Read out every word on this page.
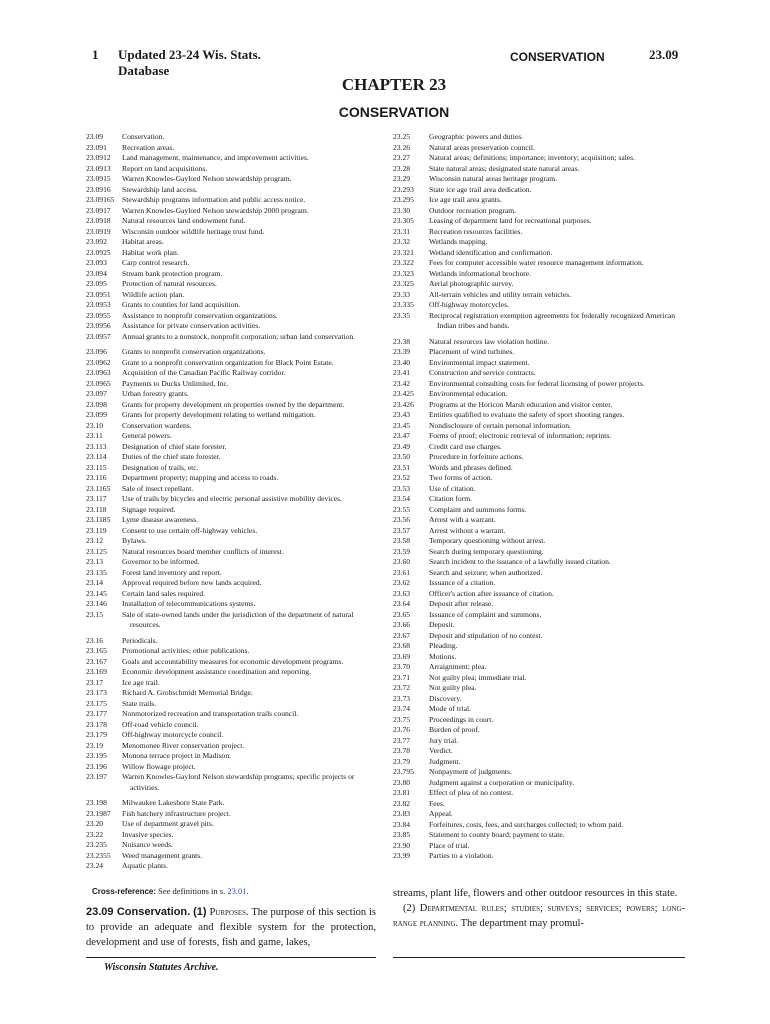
1 Updated 23-24 Wis. Stats.
Database
CONSERVATION	23.09
CHAPTER 23
CONSERVATION
23.09	Conservation.
23.091	Recreation areas.
23.0912	Land management, maintenance, and improvement activities.
23.0913	Report on land acquisitions.
23.0915	Warren Knowles-Gaylord Nelson stewardship program.
23.0916	Stewardship land access.
23.09165 Stewardship programs information and public access notice.
23.0917	Warren Knowles-Gaylord Nelson stewardship 2000 program.
23.0918	Natural resources land endowment fund.
23.0919	Wisconsin outdoor wildlife heritage trust fund.
23.092	Habitat areas.
23.0925	Habitat work plan.
23.093	Carp control research.
23.094	Stream bank protection program.
23.095	Protection of natural resources.
23.0951	Wildlife action plan.
23.0953	Grants to counties for land acquisition.
23.0955	Assistance to nonprofit conservation organizations.
23.0956	Assistance for private conservation activities.
23.0957	Annual grants to a nonstock, nonprofit corporation; urban land conservation.
23.096	Grants to nonprofit conservation organizations.
23.0962	Grant to a nonprofit conservation organization for Black Point Estate.
23.0963	Acquisition of the Canadian Pacific Railway corridor.
23.0965	Payments to Ducks Unlimited, Inc.
23.097	Urban forestry grants.
23.098	Grants for property development on properties owned by the department.
23.099	Grants for property development relating to wetland mitigation.
23.10	Conservation wardens.
23.11	General powers.
23.113	Designation of chief state forester.
23.114	Duties of the chief state forester.
23.115	Designation of trails, etc.
23.116	Department property; mapping and access to roads.
23.1165	Sale of insect repellant.
23.117	Use of trails by bicycles and electric personal assistive mobility devices.
23.118	Signage required.
23.1185	Lyme disease awareness.
23.119	Consent to use certain off-highway vehicles.
23.12	Bylaws.
23.125	Natural resources board member conflicts of interest.
23.13	Governor to be informed.
23.135	Forest land inventory and report.
23.14	Approval required before new lands acquired.
23.145	Certain land sales required.
23.146	Installation of telecommunications systems.
23.15	Sale of state-owned lands under the jurisdiction of the department of natural resources.
23.16	Periodicals.
23.165	Promotional activities; other publications.
23.167	Goals and accountability measures for economic development programs.
23.169	Economic development assistance coordination and reporting.
23.17	Ice age trail.
23.173	Richard A. Grobschmidt Memorial Bridge.
23.175	State trails.
23.177	Nonmotorized recreation and transportation trails council.
23.178	Off-road vehicle council.
23.179	Off-highway motorcycle council.
23.19	Menomonee River conservation project.
23.195	Monona terrace project in Madison.
23.196	Willow flowage project.
23.197	Warren Knowles-Gaylord Nelson stewardship programs; specific projects or activities.
23.198	Milwaukee Lakeshore State Park.
23.1987	Fish hatchery infrastructure project.
23.20	Use of department gravel pits.
23.22	Invasive species.
23.235	Nuisance weeds.
23.2355	Weed management grants.
23.24	Aquatic plants.
23.25	Geographic powers and duties.
23.26	Natural areas preservation council.
23.27	Natural areas; definitions; importance; inventory; acquisition; sales.
23.28	State natural areas; designated state natural areas.
23.29	Wisconsin natural areas heritage program.
23.293	State ice age trail area dedication.
23.295	Ice age trail area grants.
23.30	Outdoor recreation program.
23.305	Leasing of department land for recreational purposes.
23.31	Recreation resources facilities.
23.32	Wetlands mapping.
23.321	Wetland identification and confirmation.
23.322	Fees for computer accessible water resource management information.
23.323	Wetlands informational brochure.
23.325	Aerial photographic survey.
23.33	All-terrain vehicles and utility terrain vehicles.
23.335	Off-highway motorcycles.
23.35	Reciprocal registration exemption agreements for federally recognized American Indian tribes and bands.
23.38	Natural resources law violation hotline.
23.39	Placement of wind turbines.
23.40	Environmental impact statement.
23.41	Construction and service contracts.
23.42	Environmental consulting costs for federal licensing of power projects.
23.425	Environmental education.
23.426	Programs at the Horicon Marsh education and visitor center.
23.43	Entities qualified to evaluate the safety of sport shooting ranges.
23.45	Nondisclosure of certain personal information.
23.47	Forms of proof; electronic retrieval of information; reprints.
23.49	Credit card use charges.
23.50	Procedure in forfeiture actions.
23.51	Words and phrases defined.
23.52	Two forms of action.
23.53	Use of citation.
23.54	Citation form.
23.55	Complaint and summons forms.
23.56	Arrest with a warrant.
23.57	Arrest without a warrant.
23.58	Temporary questioning without arrest.
23.59	Search during temporary questioning.
23.60	Search incident to the issuance of a lawfully issued citation.
23.61	Search and seizure; when authorized.
23.62	Issuance of a citation.
23.63	Officer's action after issuance of citation.
23.64	Deposit after release.
23.65	Issuance of complaint and summons.
23.66	Deposit.
23.67	Deposit and stipulation of no contest.
23.68	Pleading.
23.69	Motions.
23.70	Arraignment; plea.
23.71	Not guilty plea; immediate trial.
23.72	Not guilty plea.
23.73	Discovery.
23.74	Mode of trial.
23.75	Proceedings in court.
23.76	Burden of proof.
23.77	Jury trial.
23.78	Verdict.
23.79	Judgment.
23.795	Nonpayment of judgments.
23.80	Judgment against a corporation or municipality.
23.81	Effect of plea of no contest.
23.82	Fees.
23.83	Appeal.
23.84	Forfeitures, costs, fees, and surcharges collected; to whom paid.
23.85	Statement to county board; payment to state.
23.90	Place of trial.
23.99	Parties to a violation.
Cross-reference: See definitions in s. 23.01.
23.09 Conservation. (1) Purposes. The purpose of this section is to provide an adequate and flexible system for the protection, development and use of forests, fish and game, lakes,
streams, plant life, flowers and other outdoor resources in this state.
(2) Departmental rules; studies; surveys; services; powers; long-range planning. The department may promul-
Wisconsin Statutes Archive.
